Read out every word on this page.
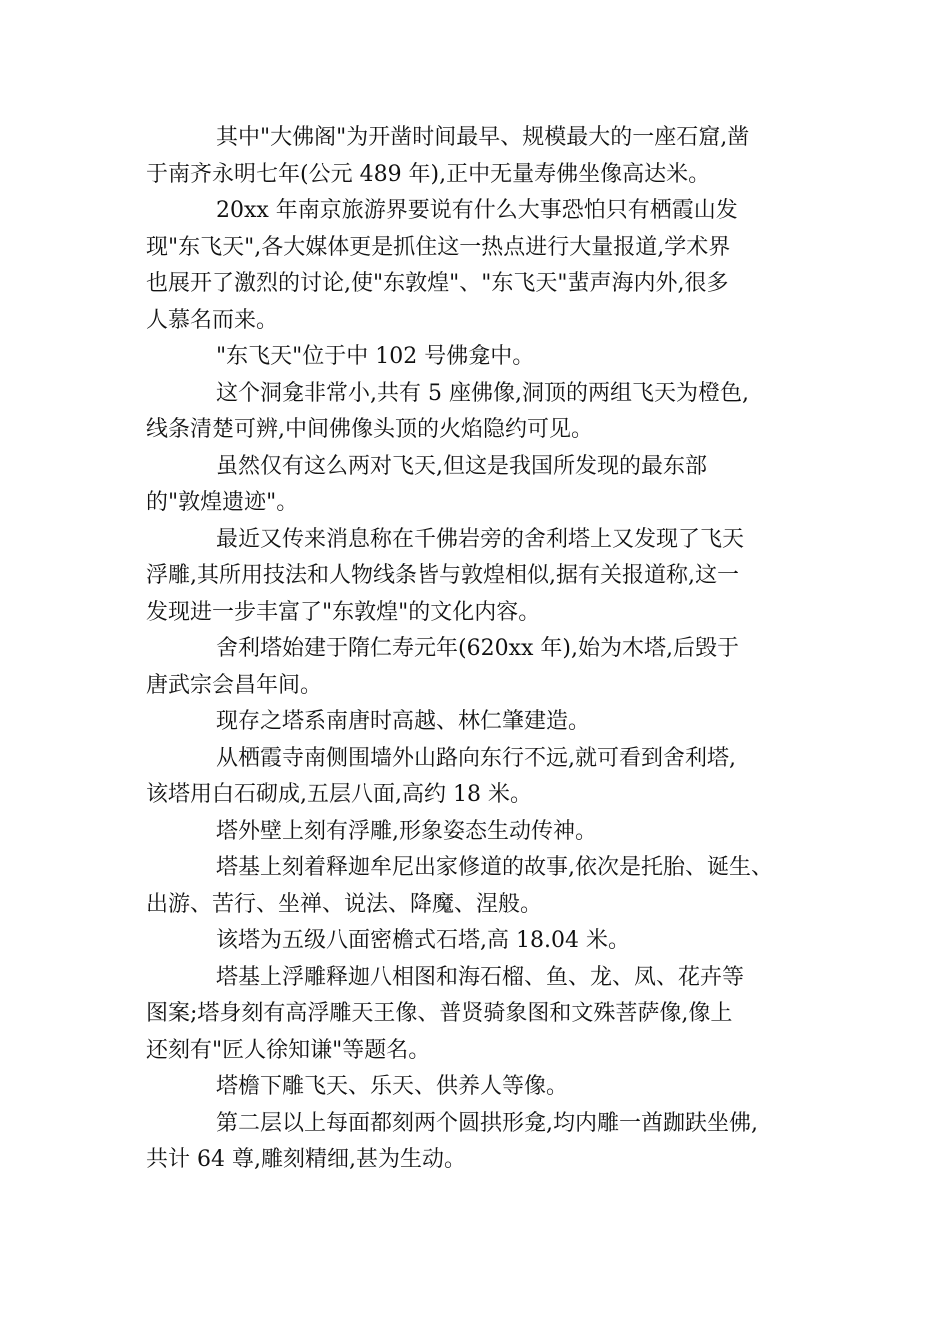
其中"大佛阁"为开凿时间最早、规模最大的一座石窟,凿
于南齐永明七年(公元 489 年),正中无量寿佛坐像高达米。
20xx 年南京旅游界要说有什么大事恐怕只有栖霞山发
现"东飞天",各大媒体更是抓住这一热点进行大量报道,学术界
也展开了激烈的讨论,使"东敦煌"、"东飞天"蜚声海内外,很多
人慕名而来。
"东飞天"位于中 102 号佛龛中。
这个洞龛非常小,共有 5 座佛像,洞顶的两组飞天为橙色,
线条清楚可辨,中间佛像头顶的火焰隐约可见。
虽然仅有这么两对飞天,但这是我国所发现的最东部
的"敦煌遗迹"。
最近又传来消息称在千佛岩旁的舍利塔上又发现了飞天
浮雕,其所用技法和人物线条皆与敦煌相似,据有关报道称,这一
发现进一步丰富了"东敦煌"的文化内容。
舍利塔始建于隋仁寿元年(620xx 年),始为木塔,后毁于
唐武宗会昌年间。
现存之塔系南唐时高越、林仁肇建造。
从栖霞寺南侧围墙外山路向东行不远,就可看到舍利塔,
该塔用白石砌成,五层八面,高约 18 米。
塔外壁上刻有浮雕,形象姿态生动传神。
塔基上刻着释迦牟尼出家修道的故事,依次是托胎、诞生、
出游、苦行、坐禅、说法、降魔、涅般。
该塔为五级八面密檐式石塔,高 18.04 米。
塔基上浮雕释迦八相图和海石榴、鱼、龙、凤、花卉等
图案;塔身刻有高浮雕天王像、普贤骑象图和文殊菩萨像,像上
还刻有"匠人徐知谦"等题名。
塔檐下雕飞天、乐天、供养人等像。
第二层以上每面都刻两个圆拱形龛,均内雕一酋跏趺坐佛,
共计 64 尊,雕刻精细,甚为生动。
